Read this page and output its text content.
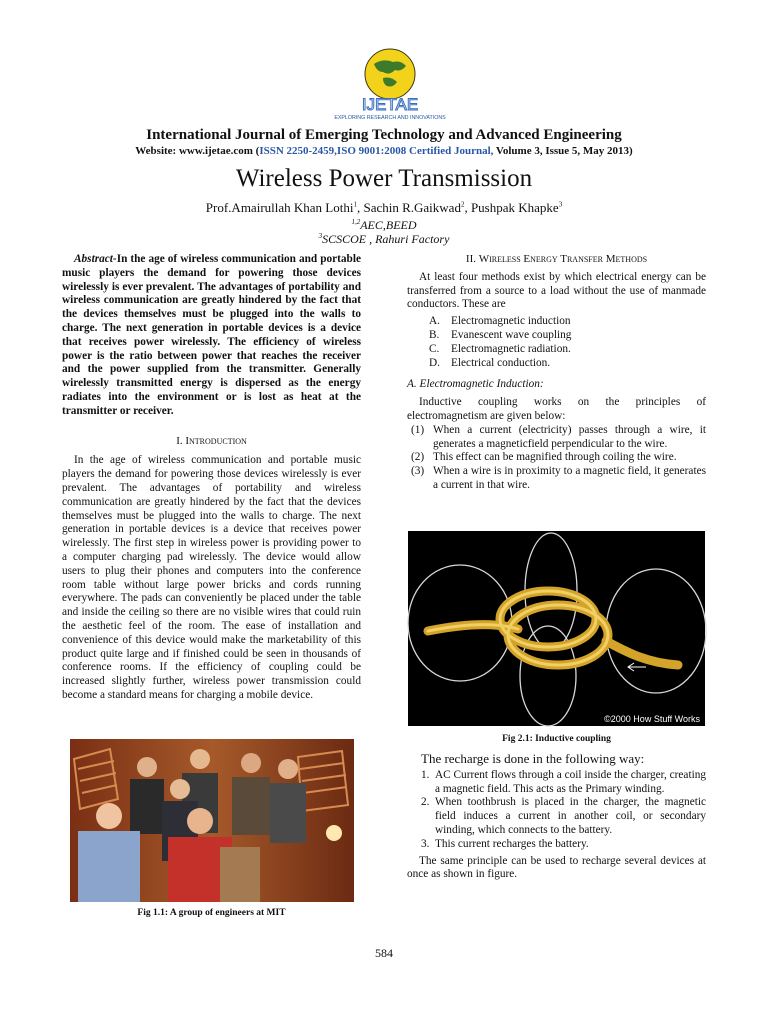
IJETAE
EXPLORING RESEARCH AND INNOVATIONS
International Journal of Emerging Technology and Advanced Engineering
Website: www.ijetae.com (ISSN 2250-2459,ISO 9001:2008 Certified Journal, Volume 3, Issue 5, May 2013)
Wireless Power Transmission
Prof.Amairullah Khan Lothi$^1$, Sachin R.Gaikwad$^2$, Pushpak Khapke$^3$
$^{1,2}$AEC,BEED
$^3$SCSCOE , Rahuri Factory

Abstract-In the age of wireless communication and portable music players the demand for powering those devices wirelessly is ever prevalent. The advantages of portability and wireless communication are greatly hindered by the fact that the devices themselves must be plugged into the walls to charge. The next generation in portable devices is a device that receives power wirelessly. The efficiency of wireless power is the ratio between power that reaches the receiver and the power supplied from the transmitter. Generally wirelessly transmitted energy is dispersed as the energy radiates into the environment or is lost as heat at the transmitter or receiver.

I. Introduction

In the age of wireless communication and portable music players the demand for powering those devices wirelessly is ever prevalent. The advantages of portability and wireless communication are greatly hindered by the fact that the devices themselves must be plugged into the walls to charge. The next generation in portable devices is a device that receives power wirelessly. The first step in wireless power is providing power to a computer charging pad wirelessly. The device would allow users to plug their phones and computers into the conference room table without large power bricks and cords running everywhere. The pads can conveniently be placed under the table and inside the ceiling so there are no visible wires that could ruin the aesthetic feel of the room. The ease of installation and convenience of this device would make the marketability of this product quite large and if finished could be seen in thousands of conference rooms. If the efficiency of coupling could be increased slightly further, wireless power transmission could become a standard means for charging a mobile device.

Fig 1.1: A group of engineers at MIT
II. Wireless Energy Transfer Methods

At least four methods exist by which electrical energy can be transferred from a source to a load without the use of manmade conductors. These are

A. Electromagnetic induction
B.	Evanescent wave coupling
C.	Electromagnetic radiation.
D. Electrical conduction.
A. Electromagnetic Induction:

Inductive coupling works on the principles of electromagnetism are given below:

(1) When a current (electricity) passes through a wire, it generates a magneticfield perpendicular to the wire.
(2) This effect can be magnified through coiling the wire.
(3) When a wire is in proximity to a magnetic field, it generates a current in that wire.
©2000 How Stuff Works
Fig 2.1: Inductive coupling
The recharge is done in the following way:
1. AC Current flows through a coil inside the charger, creating a magnetic field. This acts as the Primary winding.
2. When toothbrush is placed in the charger, the magnetic field induces a current in another coil, or secondary winding, which connects to the battery.
3. This current recharges the battery.

The same principle can be used to recharge several devices at once as shown in figure.

584
